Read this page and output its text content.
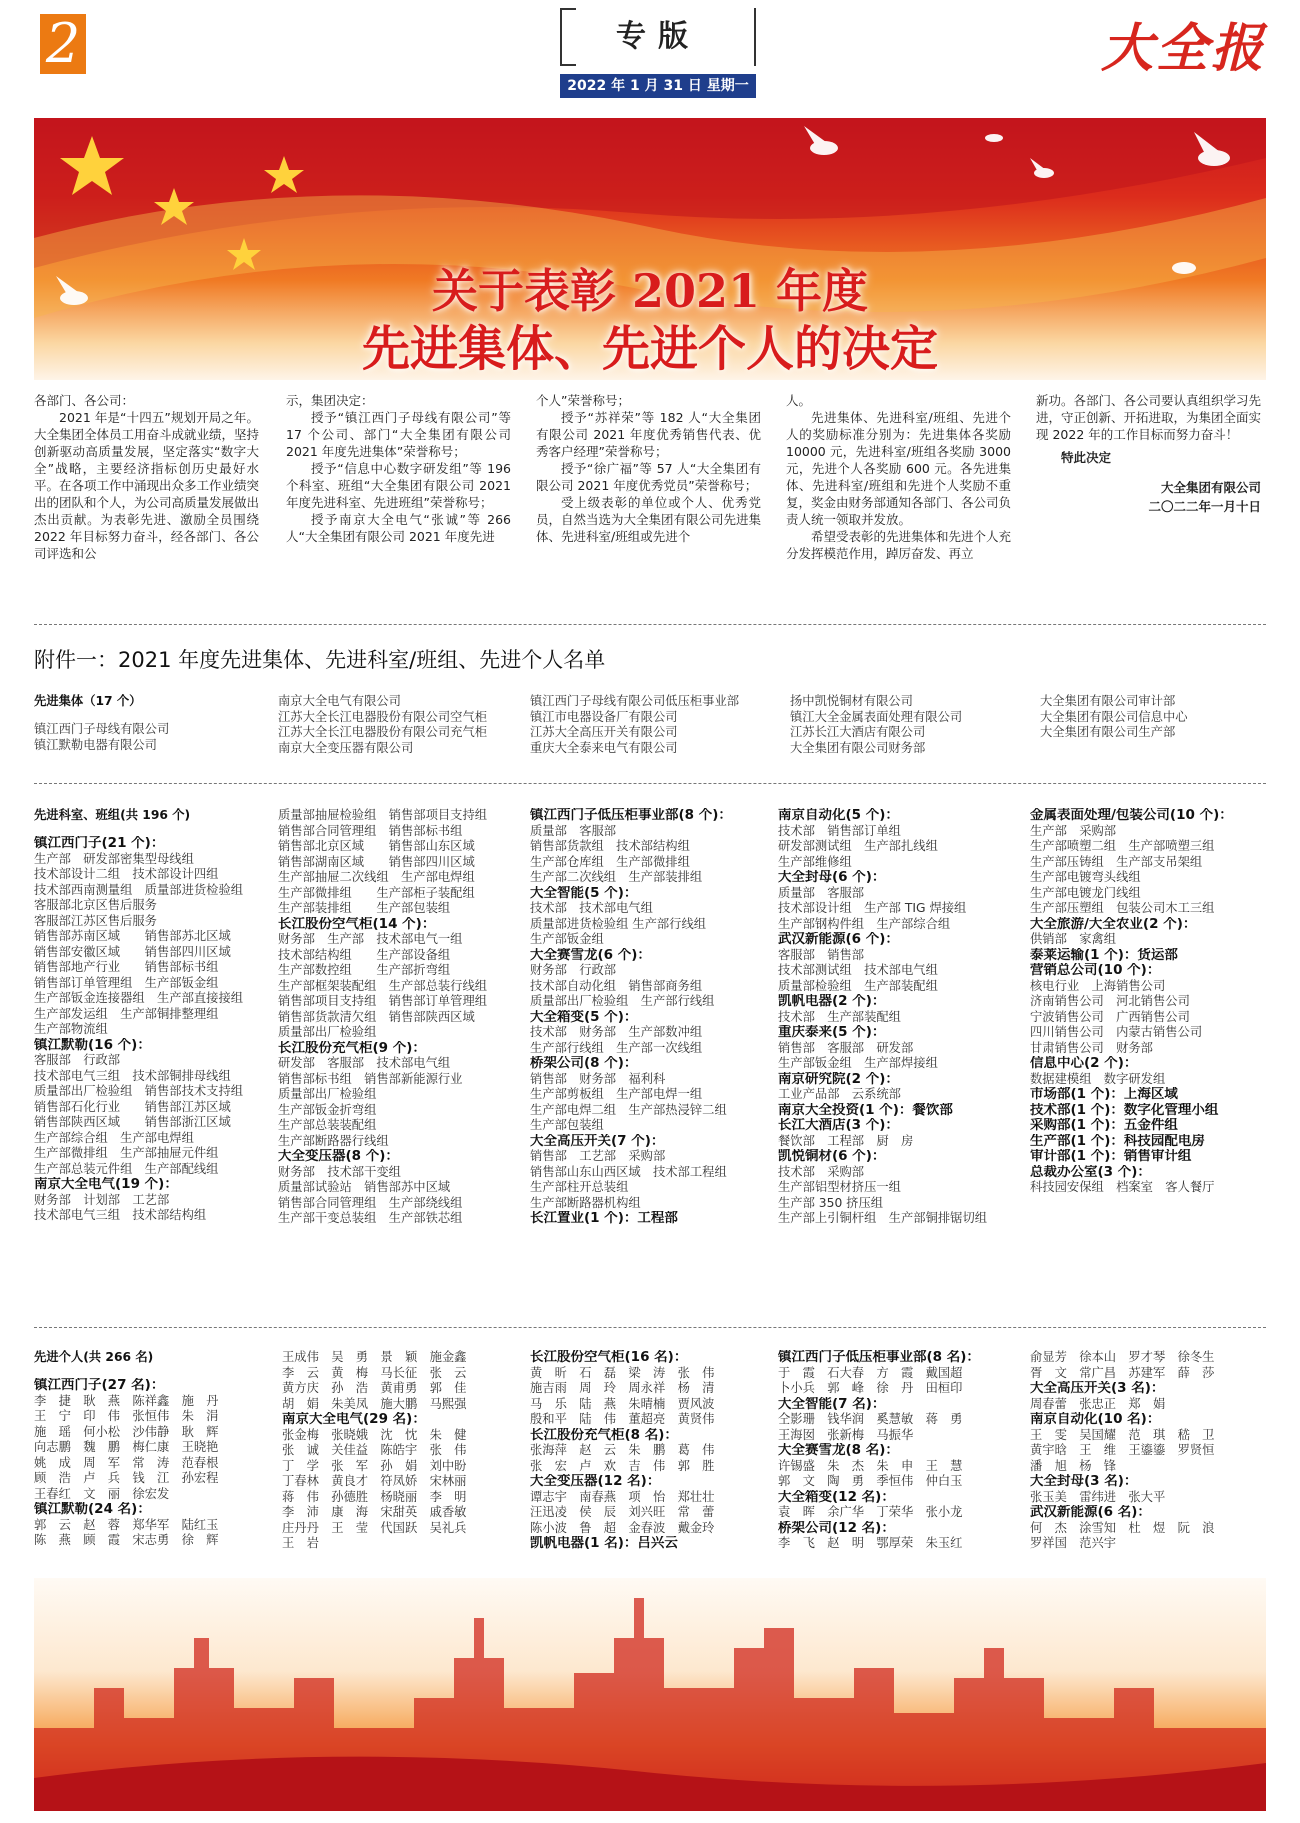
2	专版
2022 年 1 月 31 日 星期一
大全报
关于表彰 2021 年度
先进集体、先进个人的决定

各部门、各公司：

2021 年是“十四五”规划开局之年。大全集团全体员工用奋斗成就业绩，坚持创新驱动高质量发展，坚定落实“数字大全”战略，主要经济指标创历史最好水平。在各项工作中涌现出众多工作业绩突出的团队和个人，为公司高质量发展做出杰出贡献。为表彰先进、激励全员围绕 2022 年目标努力奋斗，经各部门、各公司评选和公

示，集团决定：

授予“镇江西门子母线有限公司”等 17 个公司、部门“大全集团有限公司 2021 年度先进集体”荣誉称号；

授予“信息中心数字研发组”等 196 个科室、班组“大全集团有限公司 2021 年度先进科室、先进班组”荣誉称号；

授予南京大全电气“张诚”等 266 人“大全集团有限公司 2021 年度先进

个人”荣誉称号；

授予“苏祥荣”等 182 人“大全集团有限公司 2021 年度优秀销售代表、优秀客户经理”荣誉称号；

授予“徐广福”等 57 人“大全集团有限公司 2021 年度优秀党员”荣誉称号；

受上级表彰的单位或个人、优秀党员，自然当选为大全集团有限公司先进集体、先进科室/班组或先进个

人。

先进集体、先进科室/班组、先进个人的奖励标准分别为：先进集体各奖励 10000 元，先进科室/班组各奖励 3000 元，先进个人各奖励 600 元。各先进集体、先进科室/班组和先进个人奖励不重复，奖金由财务部通知各部门、各公司负责人统一领取并发放。

希望受表彰的先进集体和先进个人充分发挥模范作用，踔厉奋发、再立

新功。各部门、各公司要认真组织学习先进，守正创新、开拓进取，为集团全面实现 2022 年的工作目标而努力奋斗！

特此决定

大全集团有限公司
二〇二二年一月十日
附件一：2021 年度先进集体、先进科室/班组、先进个人名单
先进集体（17 个）
镇江西门子母线有限公司
镇江默勒电器有限公司
南京大全电气有限公司
江苏大全长江电器股份有限公司空气柜
江苏大全长江电器股份有限公司充气柜
南京大全变压器有限公司
镇江西门子母线有限公司低压柜事业部
镇江市电器设备厂有限公司
江苏大全高压开关有限公司
重庆大全泰来电气有限公司
扬中凯悦铜材有限公司
镇江大全金属表面处理有限公司
江苏长江大酒店有限公司
大全集团有限公司财务部
大全集团有限公司审计部
大全集团有限公司信息中心
大全集团有限公司生产部
先进科室、班组(共 196 个)
镇江西门子(21 个)：
生产部　研发部密集型母线组
技术部设计二组　技术部设计四组
技术部西南测量组　质量部进货检验组
客服部北京区售后服务
客服部江苏区售后服务
销售部苏南区域　　销售部苏北区域
销售部安徽区域　　销售部四川区域
销售部地产行业　　销售部标书组
销售部订单管理组　生产部钣金组
生产部钣金连接器组　生产部直接接组
生产部发运组　生产部铜排整理组
生产部物流组
镇江默勒(16 个)：
客服部　行政部
技术部电气三组　技术部铜排母线组
质量部出厂检验组　销售部技术支持组
销售部石化行业　　销售部江苏区域
销售部陕西区域　　销售部浙江区域
生产部综合组　生产部电焊组
生产部微排组　生产部抽屉元件组
生产部总装元件组　生产部配线组
南京大全电气(19 个)：
财务部　计划部　工艺部
技术部电气三组　技术部结构组
质量部抽屉检验组　销售部项目支持组
销售部合同管理组　销售部标书组
销售部北京区域　　销售部山东区域
销售部湖南区域　　销售部四川区域
生产部抽屉二次线组　生产部电焊组
生产部微排组　　生产部柜子装配组
生产部装排组　　生产部包装组
长江股份空气柜(14 个)：
财务部　生产部　技术部电气一组
技术部结构组　　生产部设备组
生产部数控组　　生产部折弯组
生产部框架装配组　生产部总装行线组
销售部项目支持组　销售部订单管理组
销售部货款清欠组　销售部陕西区域
质量部出厂检验组
长江股份充气柜(9 个)：
研发部　客服部　技术部电气组
销售部标书组　销售部新能源行业
质量部出厂检验组
生产部钣金折弯组
生产部总装装配组
生产部断路器行线组
大全变压器(8 个)：
财务部　技术部干变组
质量部试验站　销售部苏中区域
销售部合同管理组　生产部绕线组
生产部干变总装组　生产部铁芯组
镇江西门子低压柜事业部(8 个)：
质量部　客服部
销售部货款组　技术部结构组
生产部仓库组　生产部微排组
生产部二次线组　生产部装排组
大全智能(5 个)：
技术部　技术部电气组
质量部进货检验组 生产部行线组
生产部钣金组
大全赛雪龙(6 个)：
财务部　行政部
技术部自动化组　销售部商务组
质量部出厂检验组　生产部行线组
大全箱变(5 个)：
技术部　财务部　生产部数冲组
生产部行线组　生产部一次线组
桥架公司(8 个)：
销售部　财务部　福利科
生产部剪板组　生产部电焊一组
生产部电焊二组　生产部热浸锌二组
生产部包装组
大全高压开关(7 个)：
销售部　工艺部　采购部
销售部山东山西区域　技术部工程组
生产部柱开总装组
生产部断路器机构组
长江置业(1 个)：工程部
南京自动化(5 个)：
技术部　销售部订单组
研发部测试组　生产部扎线组
生产部维修组
大全封母(6 个)：
质量部　客服部
技术部设计组　生产部 TIG 焊接组
生产部钢构件组　生产部综合组
武汉新能源(6 个)：
客服部　销售部
技术部测试组　技术部电气组
质量部检验组　生产部装配组
凯帆电器(2 个)：
技术部　生产部装配组
重庆泰来(5 个)：
销售部　客服部　研发部
生产部钣金组　生产部焊接组
南京研究院(2 个)：
工业产品部　云系统部
南京大全投资(1 个)：餐饮部
长江大酒店(3 个)：
餐饮部　工程部　厨　房
凯悦铜材(6 个)：
技术部　采购部
生产部铝型材挤压一组
生产部 350 挤压组
生产部上引铜杆组　生产部铜排锯切组
金属表面处理/包装公司(10 个)：
生产部　采购部
生产部喷塑二组　生产部喷塑三组
生产部压铸组　生产部支吊架组
生产部电镀弯头线组
生产部电镀龙门线组
生产部压塑组　包装公司木工三组
大全旅游/大全农业(2 个)：
供销部　家禽组
泰莱运输(1 个)：货运部
营销总公司(10 个)：
核电行业　上海销售公司
济南销售公司　河北销售公司
宁波销售公司　广西销售公司
四川销售公司　内蒙古销售公司
甘肃销售公司　财务部
信息中心(2 个)：
数据建模组　数字研发组
市场部(1 个)：上海区域
技术部(1 个)：数字化管理小组
采购部(1 个)：五金件组
生产部(1 个)：科技园配电房
审计部(1 个)：销售审计组
总裁办公室(3 个)：
科技园安保组　档案室　客人餐厅
先进个人(共 266 名)
镇江西门子(27 名)：
李　捷　耿　燕　陈祥鑫　施　丹
王　宁　印　伟　张恒伟　朱　涓
施　瑶　何小松　沙伟静　耿　辉
向志鹏　魏　鹏　梅仁康　王晓艳
姚　成　周　军　常　涛　范春根
顾　浩　卢　兵　钱　江　孙宏程
王春红　文　丽　徐宏发
镇江默勒(24 名)：
郭　云　赵　蓉　郑华军　陆红玉
陈　燕　顾　霞　宋志勇　徐　辉
王成伟　吴　勇　景　颖　施金鑫
李　云　黄　梅　马长征　张　云
黄方庆　孙　浩　黄甫勇　郭　佳
胡　娟　朱美凤　施大鹏　马熙强
南京大全电气(29 名)：
张金梅　张晓娥　沈　忱　朱　健
张　诚　关佳益　陈皓宇　张　伟
丁　学　张　军　孙　娟　刘中盼
丁春林　黄良才　符凤娇　宋林丽
蒋　伟　孙德胜　杨晓丽　李　明
李　沛　康　海　宋甜英　戚香敏
庄丹丹　王　莹　代国跃　吴礼兵
王　岩
长江股份空气柜(16 名)：
黄　昕　石　磊　梁　涛　张　伟
施吉雨　周　玲　周永祥　杨　清
马　乐　陆　燕　朱晴楠　贾风波
殷和平　陆　伟　董超亮　黄贤伟
长江股份充气柜(8 名)：
张海萍　赵　云　朱　鹏　葛　伟
张　宏　卢　欢　吉　伟　郭　胜
大全变压器(12 名)：
谭志宇　南春燕　项　怡　郑壮壮
汪迅凌　侯　辰　刘兴旺　常　蕾
陈小波　鲁　超　金春波　戴金玲
凯帆电器(1 名)：吕兴云
镇江西门子低压柜事业部(8 名)：
于　霞　石大春　方　霞　戴国超
卜小兵　郭　峰　徐　丹　田桓印
大全智能(7 名)：
仝影珊　钱华润　奚慧敏　蒋　勇
王海囡　张新梅　马振华
大全赛雪龙(8 名)：
许锡盛　朱　杰　朱　申　王　慧
郭　文　陶　勇　季恒伟　仲白玉
大全箱变(12 名)：
袁　晖　余广华　丁荣华　张小龙
桥架公司(12 名)：
李　飞　赵　明　鄂厚荣　朱玉红
俞显芳　徐本山　罗才琴　徐冬生
胥　文　常广昌　苏建军　薛　莎
大全高压开关(3 名)：
周春蕾　张忠正　郑　娟
南京自动化(10 名)：
王　雯　吴国耀　范　琪　嵇　卫
黄宇晗　王　维　王鎏鎏　罗贤恒
潘　旭　杨　锋
大全封母(3 名)：
张玉美　雷纬进　张大平
武汉新能源(6 名)：
何　杰　涂雪知　杜　煜　阮　浪
罗祥国　范兴宇
